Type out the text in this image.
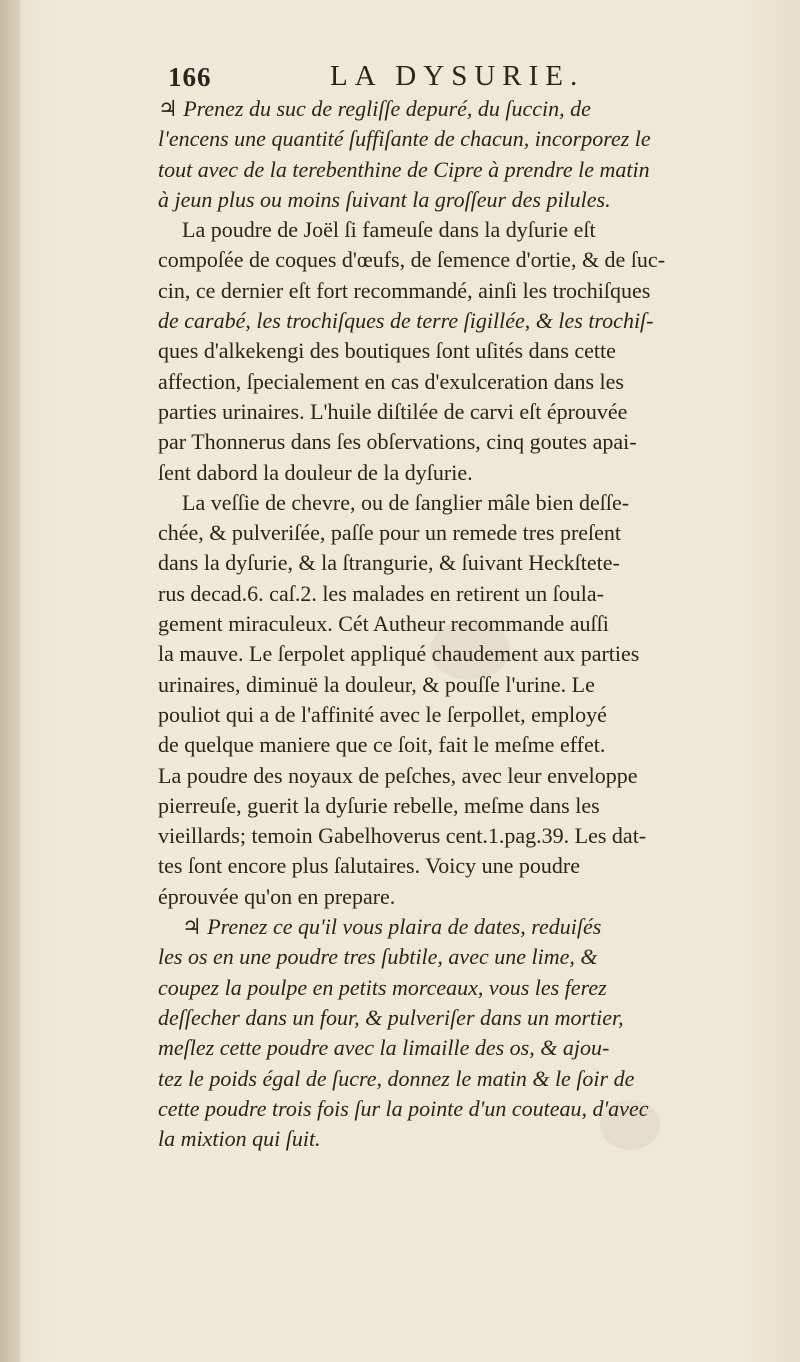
166	LA DYSURIE.
♃ Prenez du suc de regliſſe depuré, du ſuccin, de
l'encens une quantité ſuffiſante de chacun, incorporez le
tout avec de la terebenthine de Cipre à prendre le matin
à jeun plus ou moins ſuivant la groſſeur des pilules.
La poudre de Joël ſi fameuſe dans la dyſurie eſt
compoſée de coques d'œufs, de ſemence d'ortie, & de ſuc-
cin, ce dernier eſt fort recommandé, ainſi les trochiſques
de carabé, les trochiſques de terre ſigillée, & les trochiſ-
ques d'alkekengi des boutiques ſont uſités dans cette
affection, ſpecialement en cas d'exulceration dans les
parties urinaires. L'huile diſtilée de carvi eſt éprouvée
par Thonnerus dans ſes obſervations, cinq goutes apai-
ſent dabord la douleur de la dyſurie.
La veſſie de chevre, ou de ſanglier mâle bien deſſe-
chée, & pulveriſée, paſſe pour un remede tres preſent
dans la dyſurie, & la ſtrangurie, & ſuivant Heckſtete-
rus decad.6. caſ.2. les malades en retirent un ſoula-
gement miraculeux. Cét Autheur recommande auſſi
la mauve. Le ſerpolet appliqué chaudement aux parties
urinaires, diminuë la douleur, & pouſſe l'urine. Le
pouliot qui a de l'affinité avec le ſerpollet, employé
de quelque maniere que ce ſoit, fait le meſme effet.
La poudre des noyaux de peſches, avec leur enveloppe
pierreuſe, guerit la dyſurie rebelle, meſme dans les
vieillards; temoin Gabelhoverus cent.1.pag.39. Les dat-
tes ſont encore plus ſalutaires. Voicy une poudre
éprouvée qu'on en prepare.
♃ Prenez ce qu'il vous plaira de dates, reduiſés
les os en une poudre tres ſubtile, avec une lime, &
coupez la poulpe en petits morceaux, vous les ferez
deſſecher dans un four, & pulveriſer dans un mortier,
meſlez cette poudre avec la limaille des os, & ajou-
tez le poids égal de ſucre, donnez le matin & le ſoir de
cette poudre trois fois ſur la pointe d'un couteau, d'avec
la mixtion qui ſuit.
